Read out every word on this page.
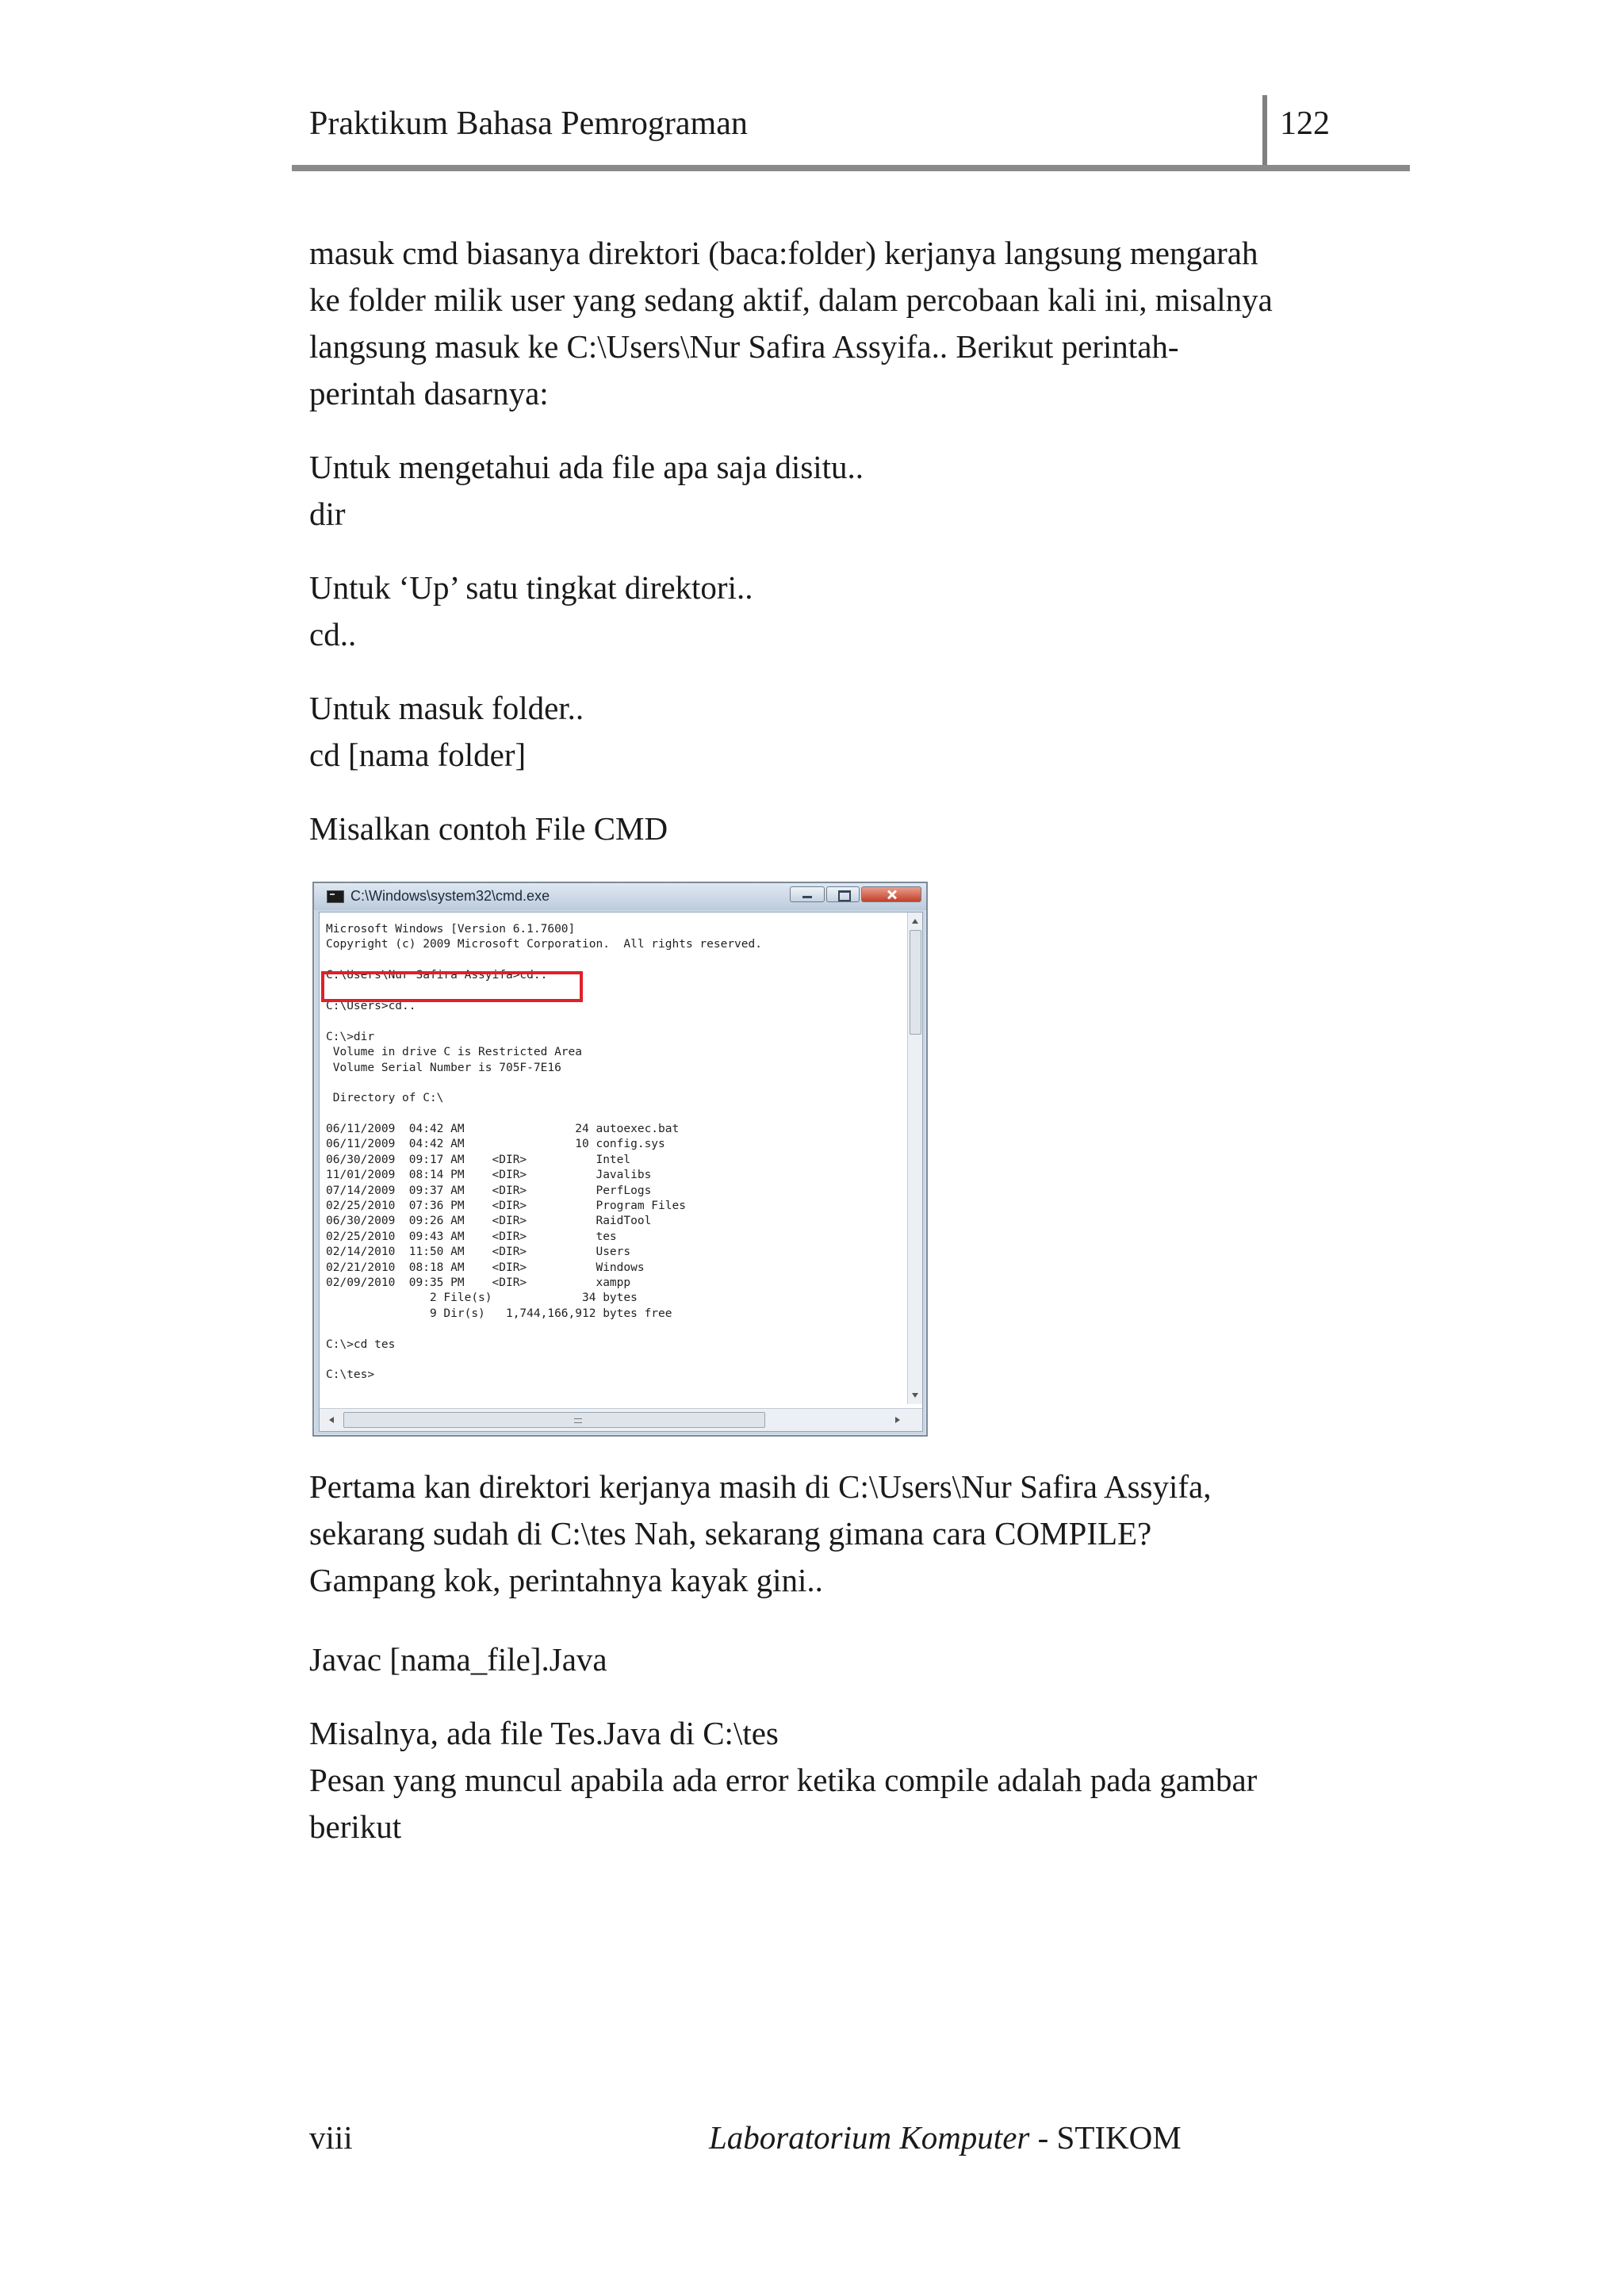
Praktikum Bahasa Pemrograman	122
masuk cmd biasanya direktori (baca:folder) kerjanya langsung mengarah
ke folder milik user yang sedang aktif, dalam percobaan kali ini, misalnya
langsung masuk ke C:\Users\Nur Safira Assyifa.. Berikut perintah-
perintah dasarnya:
Untuk mengetahui ada file apa saja disitu..
dir
Untuk ‘Up’ satu tingkat direktori..
cd..
Untuk masuk folder..
cd [nama folder]
Misalkan contoh File CMD
C:\Windows\system32\cmd.exe
Microsoft Windows [Version 6.1.7600]
Copyright (c) 2009 Microsoft Corporation.  All rights reserved.
C:\Users\Nur Safira Assyifa>cd..
C:\Users>cd..
C:\>dir
Volume in drive C is Restricted Area
Volume Serial Number is 705F-7E16
Directory of C:\
06/11/2009  04:42 AM                24 autoexec.bat
06/11/2009  04:42 AM                10 config.sys
06/30/2009  09:17 AM    <DIR>          Intel
11/01/2009  08:14 PM    <DIR>          Javalibs
07/14/2009  09:37 AM    <DIR>          PerfLogs
02/25/2010  07:36 PM    <DIR>          Program Files
06/30/2009  09:26 AM    <DIR>          RaidTool
02/25/2010  09:43 AM    <DIR>          tes
02/14/2010  11:50 AM    <DIR>          Users
02/21/2010  08:18 AM    <DIR>          Windows
02/09/2010  09:35 PM    <DIR>          xampp
2 File(s)             34 bytes
9 Dir(s)   1,744,166,912 bytes free
C:\>cd tes
C:\tes>
Pertama kan direktori kerjanya masih di C:\Users\Nur Safira Assyifa,
sekarang sudah di C:\tes Nah, sekarang gimana cara COMPILE?
Gampang kok, perintahnya kayak gini..
Javac [nama_file].Java
Misalnya, ada file Tes.Java di C:\tes
Pesan yang muncul apabila ada error ketika compile adalah pada gambar
berikut
viii	Laboratorium Komputer - STIKOM
